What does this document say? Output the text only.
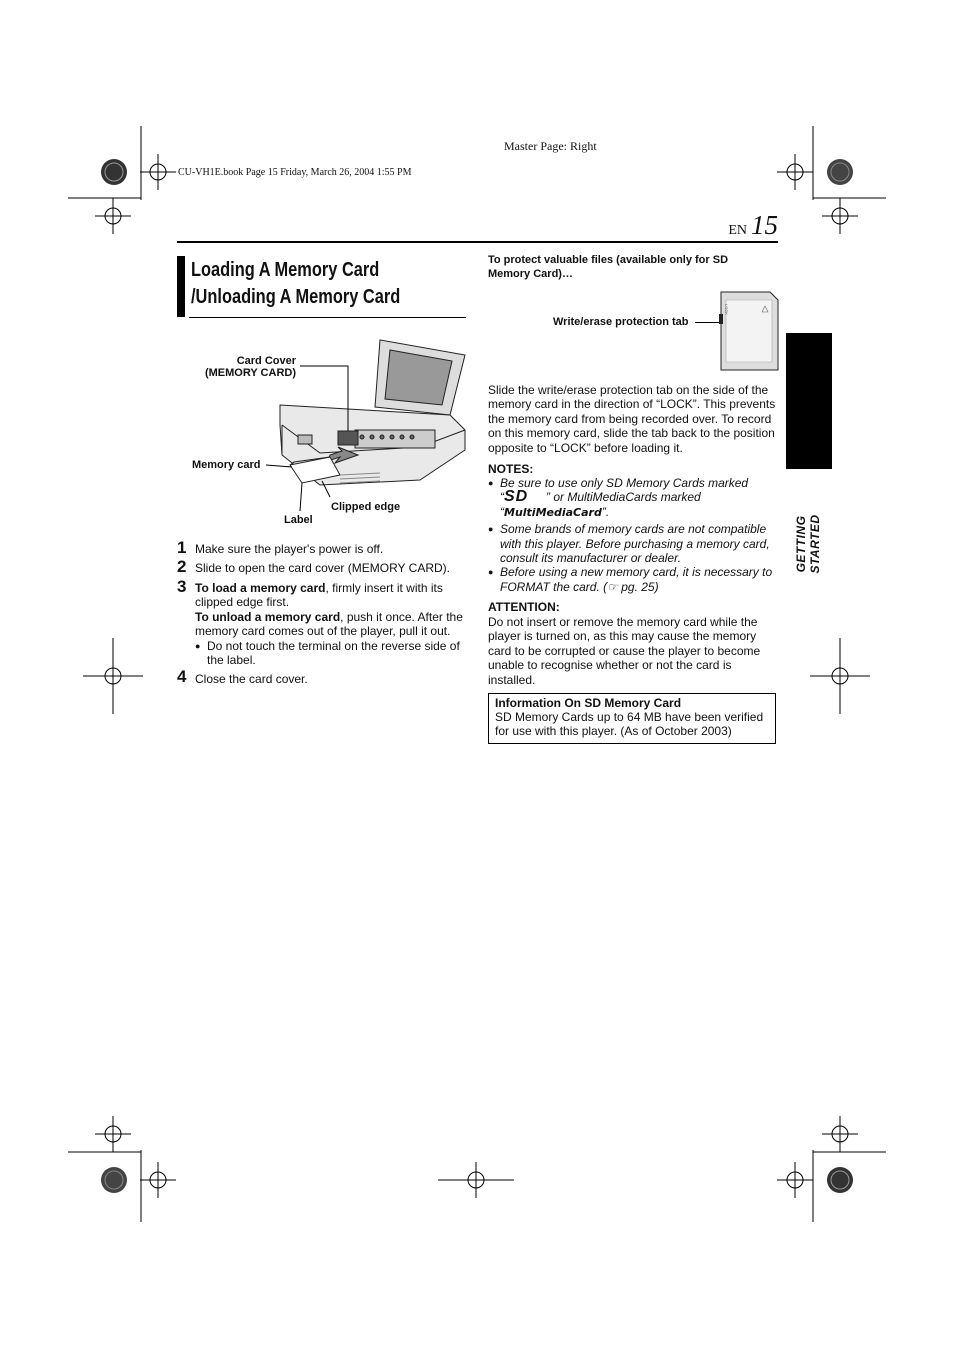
Master Page: Right
CU-VH1E.book Page 15 Friday, March 26, 2004 1:55 PM
EN 15
GETTING STARTED
Loading A Memory Card
/Unloading A Memory Card
Card Cover
(MEMORY CARD)
Memory card
Clipped edge
Label
1 Make sure the player's power is off.
2 Slide to open the card cover (MEMORY CARD).
3 To load a memory card, firmly insert it with its clipped edge first.
To unload a memory card, push it once. After the memory card comes out of the player, pull it out.
● Do not touch the terminal on the reverse side of the label.
4 Close the card cover.
To protect valuable files (available only for SD Memory Card)…
Write/erase protection tab
LOCK
Slide the write/erase protection tab on the side of the memory card in the direction of “LOCK”. This prevents the memory card from being recorded over. To record on this memory card, slide the tab back to the position opposite to “LOCK” before loading it.
NOTES:
● Be sure to use only SD Memory Cards marked
“SD ” or MultiMediaCards marked
“MultiMediaCard”.
● Some brands of memory cards are not compatible with this player. Before purchasing a memory card, consult its manufacturer or dealer.
● Before using a new memory card, it is necessary to FORMAT the card. (☞ pg. 25)
ATTENTION:
Do not insert or remove the memory card while the player is turned on, as this may cause the memory card to be corrupted or cause the player to become unable to recognise whether or not the card is installed.
Information On SD Memory Card
SD Memory Cards up to 64 MB have been verified for use with this player. (As of October 2003)
